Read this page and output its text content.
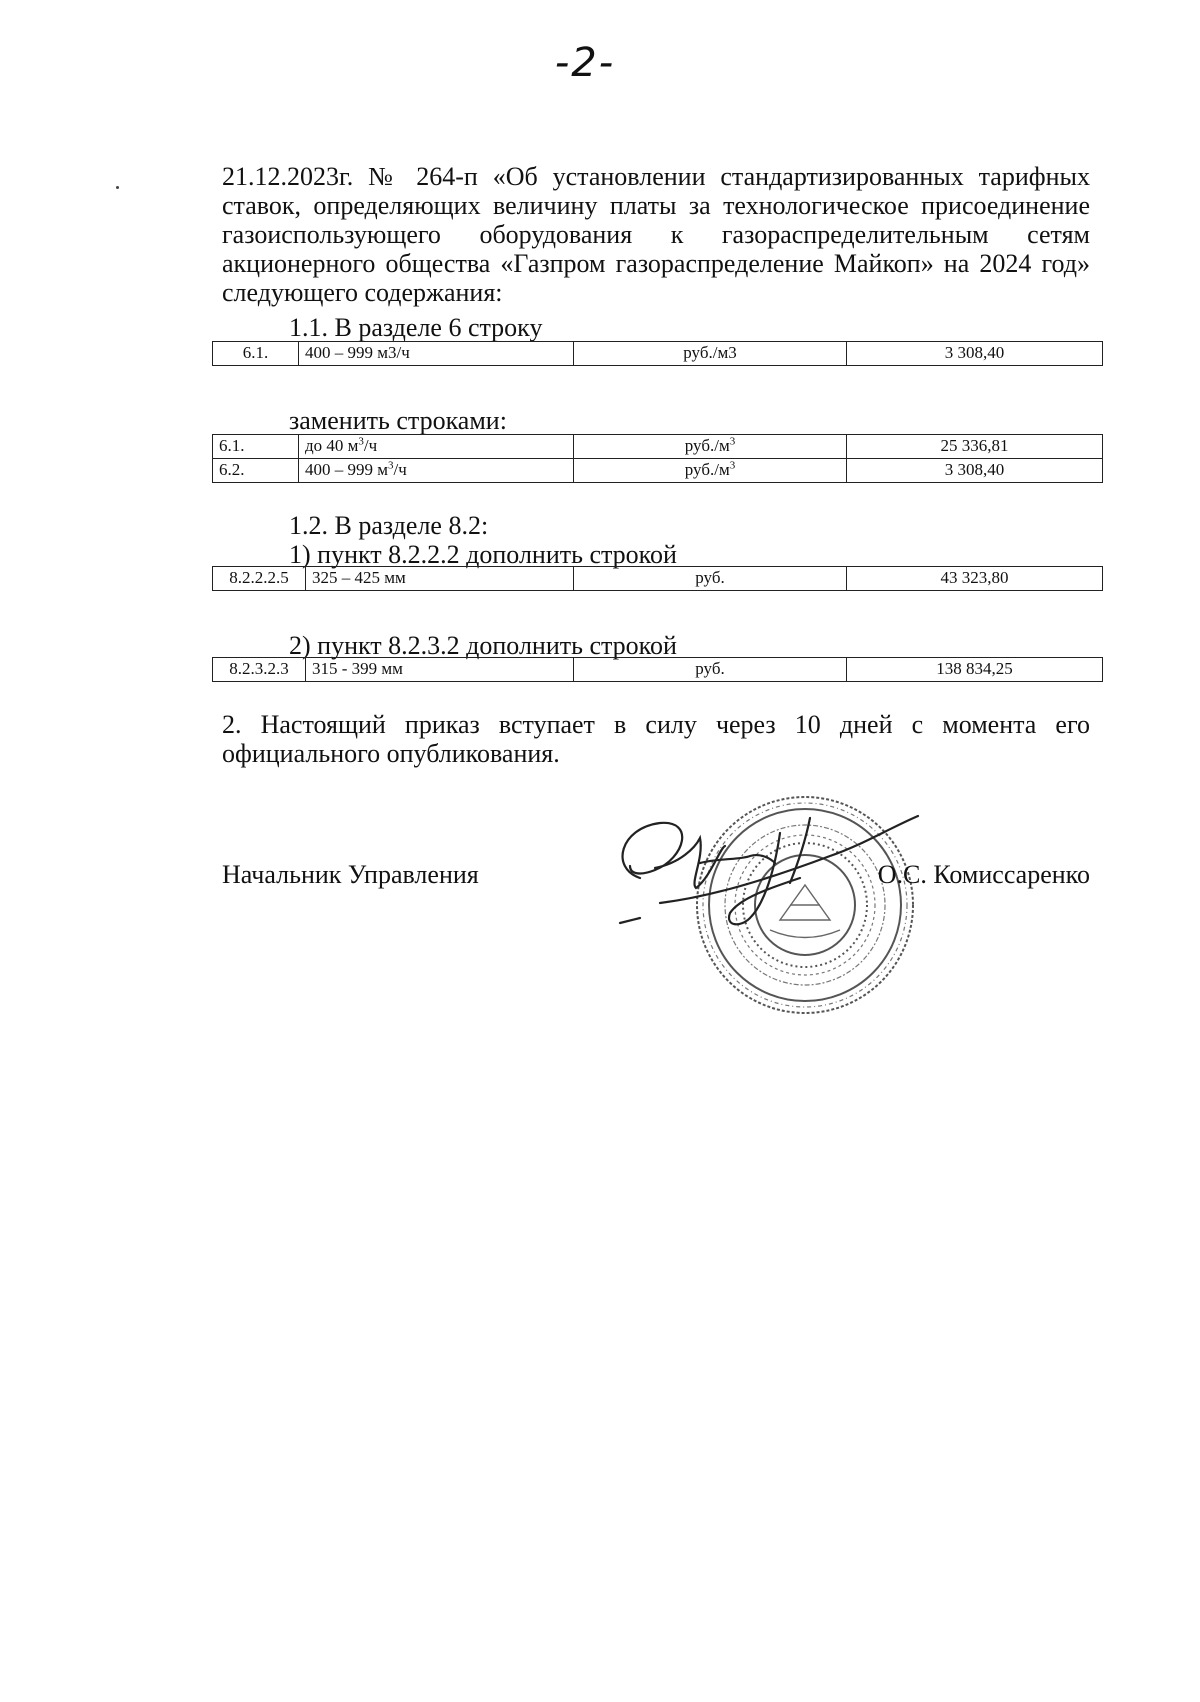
-2-
21.12.2023г. № 264-п «Об установлении стандартизированных тарифных
ставок, определяющих величину платы за технологическое присоединение
газоиспользующего оборудования к газораспределительным сетям
акционерного общества «Газпром газораспределение Майкоп» на 2024 год»
следующего содержания:
1.1. В разделе 6 строку
6.1.	400 – 999 м3/ч	руб./м3	3 308,40
заменить строками:
6.1.	до 40 $м^3/ч$	$руб./м^3$	25 336,81
6.2.	400 – 999 $м^3/ч$	$руб./м^3$	3 308,40
1.2. В разделе 8.2:
1) пункт 8.2.2.2 дополнить строкой
8.2.2.2.5	325 – 425 мм	руб.	43 323,80
2) пункт 8.2.3.2 дополнить строкой
8.2.3.2.3	315 - 399 мм	руб.	138 834,25
2. Настоящий приказ вступает в силу через 10 дней с момента его
официального опубликования.
Начальник Управления	О.С. Комиссаренко
